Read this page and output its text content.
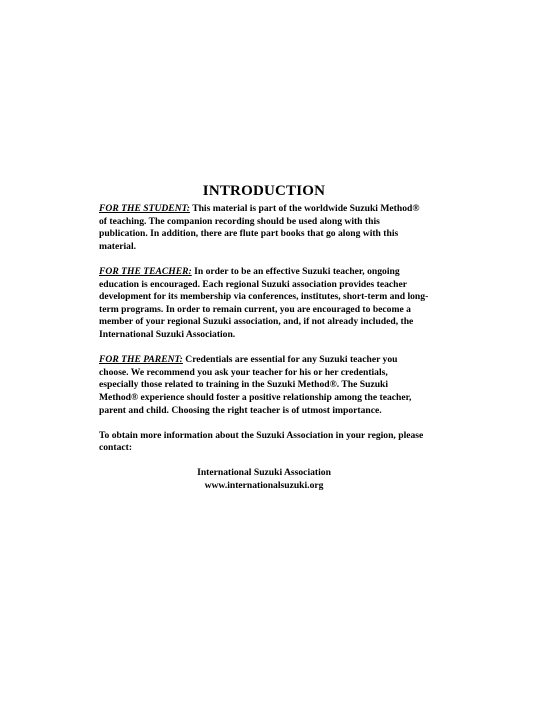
INTRODUCTION

FOR THE STUDENT: This material is part of the worldwide Suzuki Method® of teaching. The companion recording should be used along with this publication. In addition, there are flute part books that go along with this material.

FOR THE TEACHER: In order to be an effective Suzuki teacher, ongoing education is encouraged. Each regional Suzuki association provides teacher development for its membership via conferences, institutes, short-term and long-term programs. In order to remain current, you are encouraged to become a member of your regional Suzuki association, and, if not already included, the International Suzuki Association.

FOR THE PARENT: Credentials are essential for any Suzuki teacher you choose. We recommend you ask your teacher for his or her credentials, especially those related to training in the Suzuki Method®. The Suzuki Method® experience should foster a positive relationship among the teacher, parent and child. Choosing the right teacher is of utmost importance.

To obtain more information about the Suzuki Association in your region, please contact:

International Suzuki Association
www.internationalsuzuki.org
